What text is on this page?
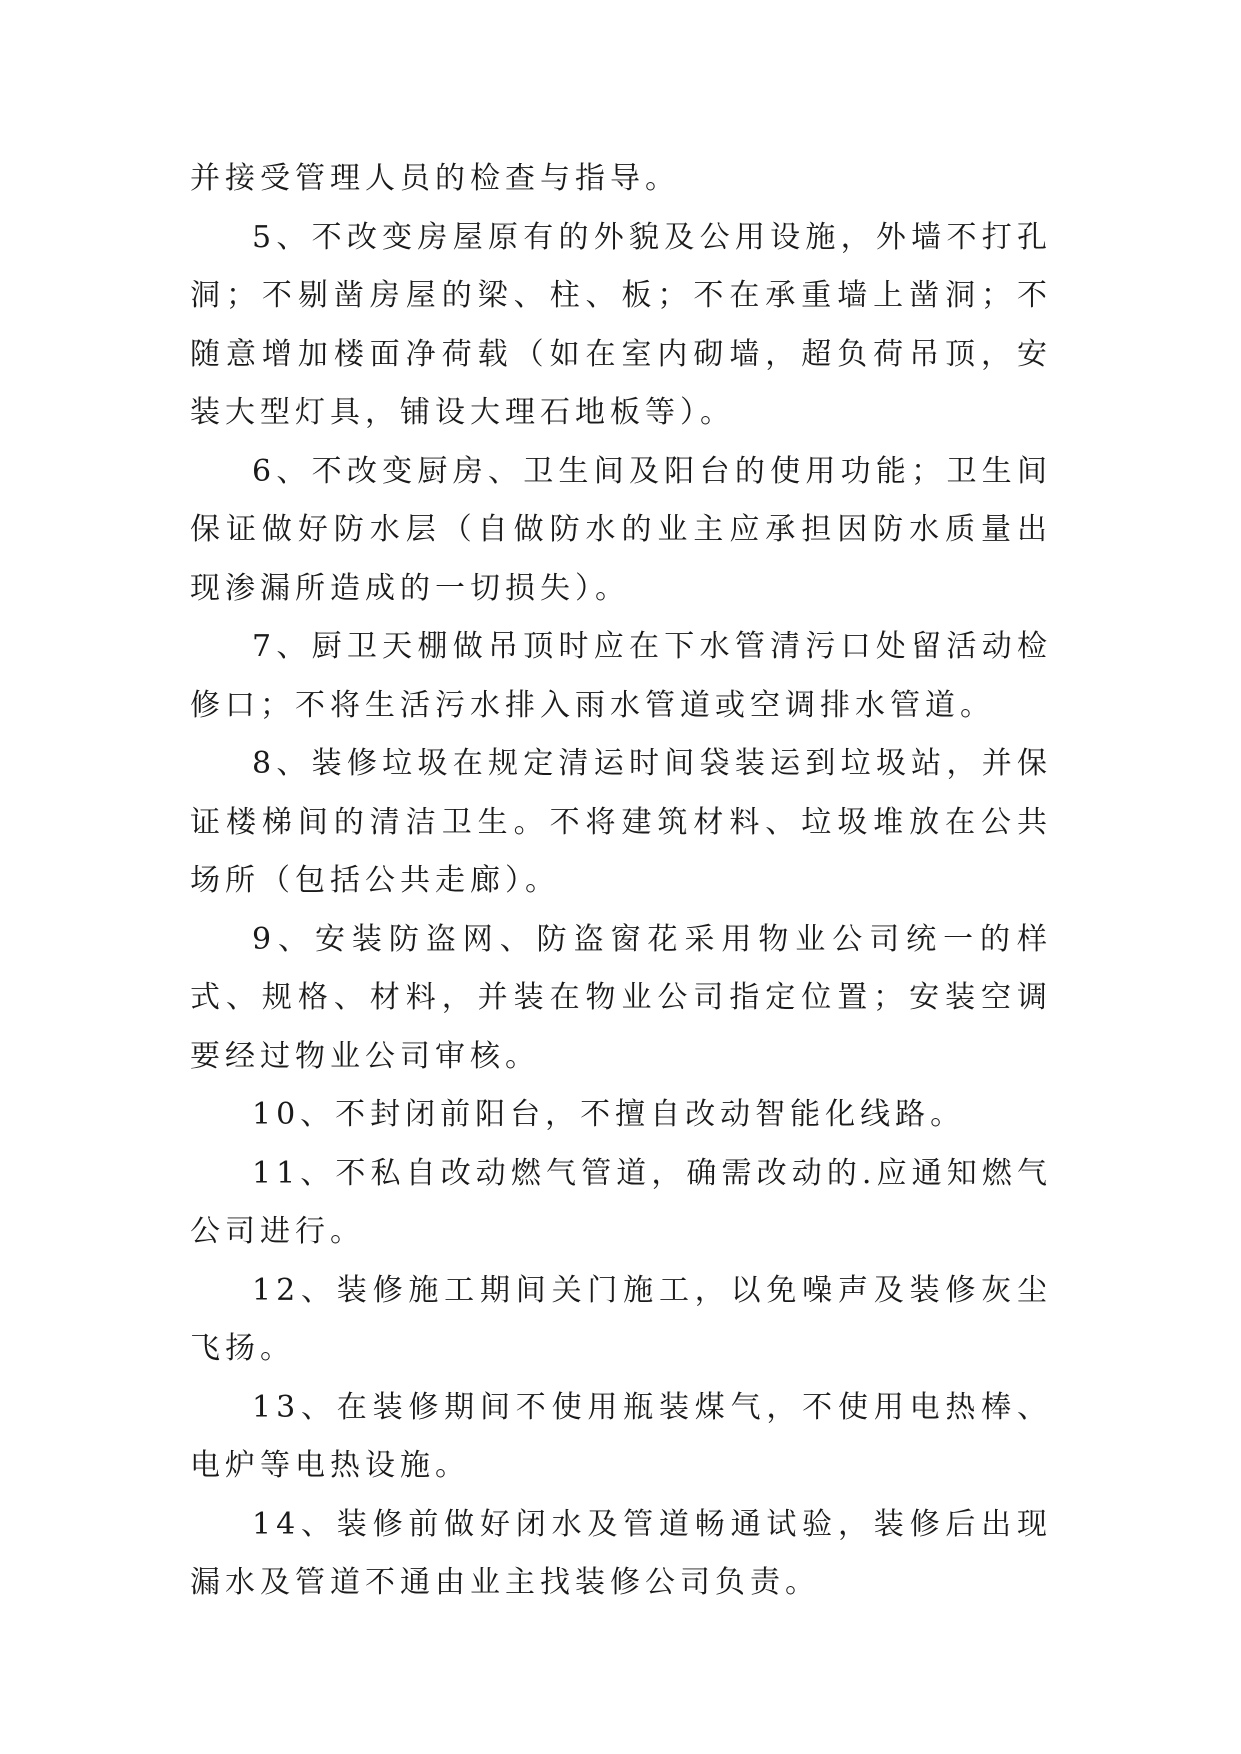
并接受管理人员的检查与指导。

5、不改变房屋原有的外貌及公用设施，外墙不打孔洞；不剔凿房屋的梁、柱、板；不在承重墙上凿洞；不随意增加楼面净荷载（如在室内砌墙，超负荷吊顶，安装大型灯具，铺设大理石地板等）。

6、不改变厨房、卫生间及阳台的使用功能；卫生间保证做好防水层（自做防水的业主应承担因防水质量出现渗漏所造成的一切损失）。

7、厨卫天棚做吊顶时应在下水管清污口处留活动检修口；不将生活污水排入雨水管道或空调排水管道。

8、装修垃圾在规定清运时间袋装运到垃圾站，并保证楼梯间的清洁卫生。不将建筑材料、垃圾堆放在公共场所（包括公共走廊）。

9、安装防盗网、防盗窗花采用物业公司统一的样式、规格、材料，并装在物业公司指定位置；安装空调要经过物业公司审核。

10、不封闭前阳台，不擅自改动智能化线路。

11、不私自改动燃气管道，确需改动的.应通知燃气公司进行。

12、装修施工期间关门施工，以免噪声及装修灰尘飞扬。

13、在装修期间不使用瓶装煤气，不使用电热棒、电炉等电热设施。

14、装修前做好闭水及管道畅通试验，装修后出现漏水及管道不通由业主找装修公司负责。
